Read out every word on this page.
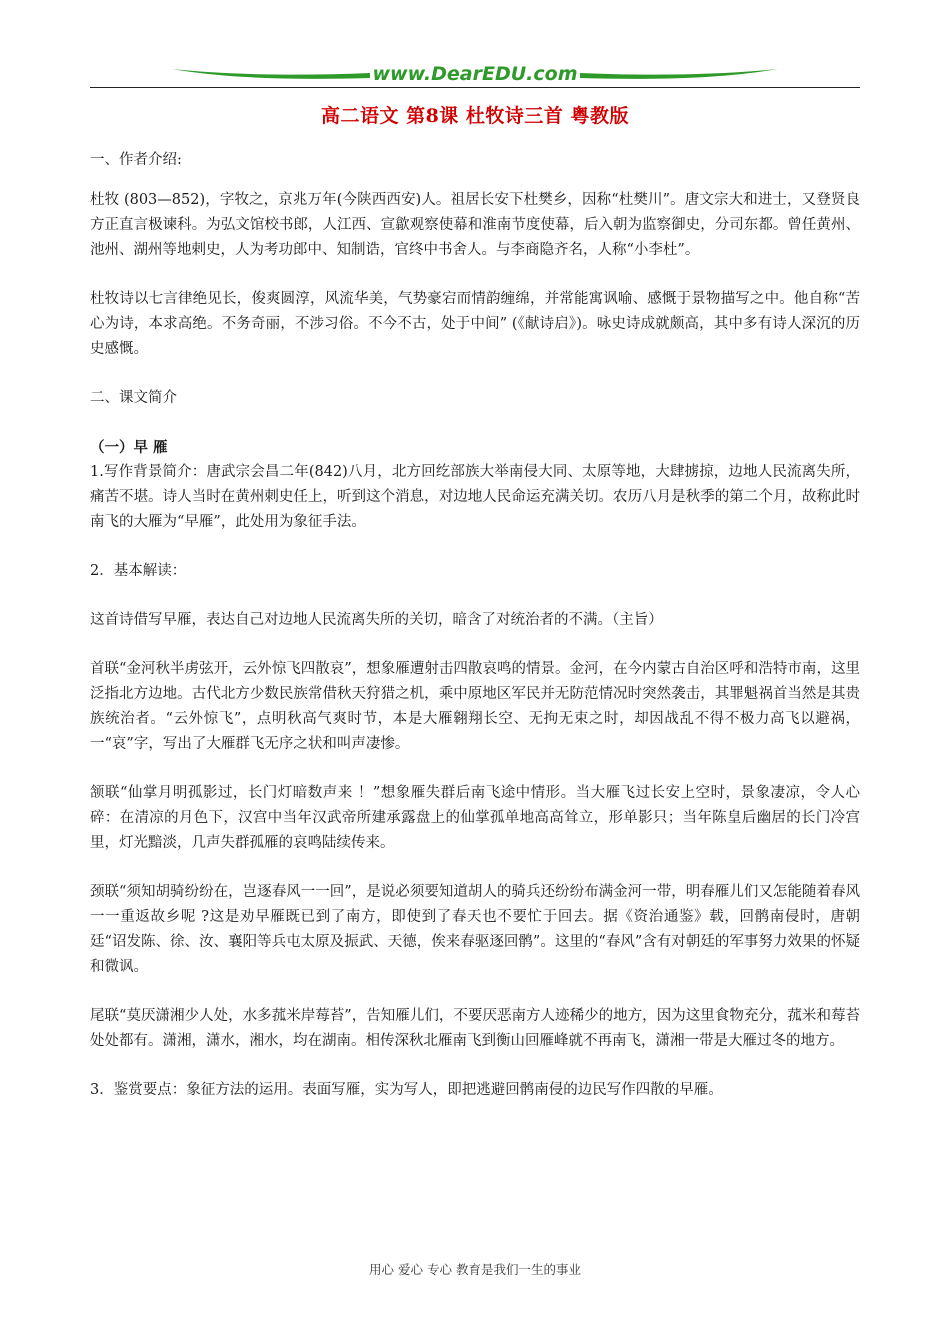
www.DearEDU.com
高二语文 第8课 杜牧诗三首 粤教版

一、作者介绍:

杜牧 (803—852)，字牧之，京兆万年(今陕西西安)人。祖居长安下杜樊乡，因称“杜樊川”。唐文宗大和进士，又登贤良方正直言极谏科。为弘文馆校书郎，人江西、宣歙观察使幕和淮南节度使幕，后入朝为监察御史，分司东都。曾任黄州、池州、湖州等地剌史，人为考功郎中、知制诰，官终中书舍人。与李商隐齐名，人称“小李杜”。

杜牧诗以七言律绝见长，俊爽圆淳，风流华美，气势豪宕而情韵缠绵，并常能寓讽喻、感慨于景物描写之中。他自称“苦心为诗，本求高绝。不务奇丽，不涉习俗。不今不古，处于中间” (《献诗启》)。咏史诗成就颇高，其中多有诗人深沉的历史感慨。

二、课文简介

（一）早 雁

1.写作背景简介：唐武宗会昌二年(842)八月，北方回纥部族大举南侵大同、太原等地，大肆掳掠，边地人民流离失所，痛苦不堪。诗人当时在黄州刺史任上，听到这个消息，对边地人民命运充满关切。农历八月是秋季的第二个月，故称此时南飞的大雁为“早雁”，此处用为象征手法。

2．基本解读：

这首诗借写早雁，表达自己对边地人民流离失所的关切，暗含了对统治者的不满。（主旨）

首联“金河秋半虏弦开，云外惊飞四散哀”，想象雁遭射击四散哀鸣的情景。金河，在今内蒙古自治区呼和浩特市南，这里泛指北方边地。古代北方少数民族常借秋天狩猎之机，乘中原地区军民并无防范情况时突然袭击，其罪魁祸首当然是其贵族统治者。“云外惊飞”，点明秋高气爽时节，本是大雁翱翔长空、无拘无束之时，却因战乱不得不极力高飞以避祸，一“哀”字，写出了大雁群飞无序之状和叫声凄惨。

颔联“仙掌月明孤影过，长门灯暗数声来 ！”想象雁失群后南飞途中情形。当大雁飞过长安上空时，景象凄凉，令人心碎：在清凉的月色下，汉宫中当年汉武帝所建承露盘上的仙掌孤单地高高耸立，形单影只；当年陈皇后幽居的长门冷宫里，灯光黯淡，几声失群孤雁的哀鸣陆续传来。

颈联“须知胡骑纷纷在，岂逐春风一一回”，是说必须要知道胡人的骑兵还纷纷布满金河一带，明春雁儿们又怎能随着春风一一重返故乡呢 ?这是劝早雁既已到了南方，即使到了春天也不要忙于回去。据《资治通鉴》载，回鹘南侵时，唐朝廷“诏发陈、徐、汝、襄阳等兵屯太原及振武、天德，俟来春驱逐回鹘”。这里的“春风”含有对朝廷的军事努力效果的怀疑和微讽。

尾联“莫厌潇湘少人处，水多菰米岸莓苔”，告知雁儿们，不要厌恶南方人迹稀少的地方，因为这里食物充分，菰米和莓苔处处都有。潇湘，潇水，湘水，均在湖南。相传深秋北雁南飞到衡山回雁峰就不再南飞，潇湘一带是大雁过冬的地方。

3．鉴赏要点：象征方法的运用。表面写雁，实为写人，即把逃避回鹘南侵的边民写作四散的早雁。

用心 爱心 专心 教育是我们一生的事业
